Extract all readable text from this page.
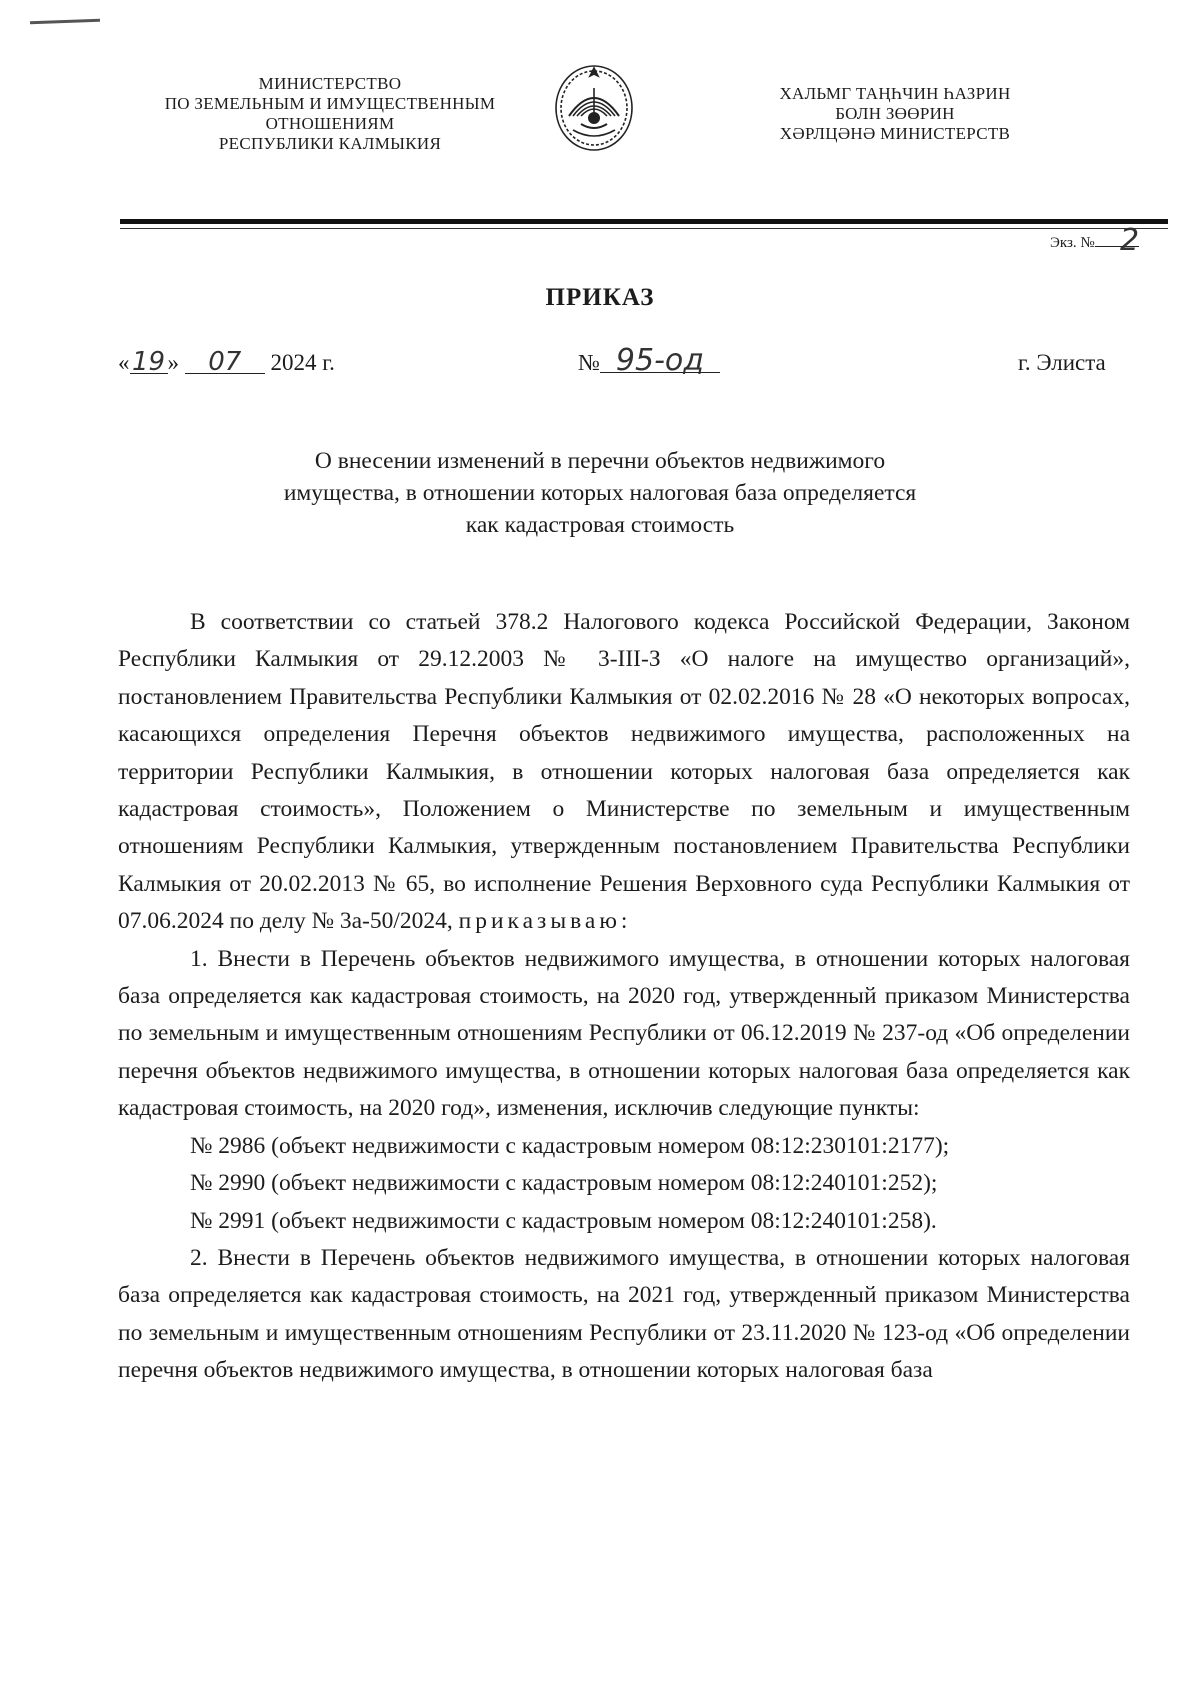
МИНИСТЕРСТВО
ПО ЗЕМЕЛЬНЫМ И ИМУЩЕСТВЕННЫМ
ОТНОШЕНИЯМ
РЕСПУБЛИКИ КАЛМЫКИЯ
ХАЛЬМГ ТАҢҺЧИН ҺАЗРИН
БОЛН ЗӨӨРИН
ХӘРЛЦӘНӘ МИНИСТЕРСТВ
Экз. № 2
ПРИКАЗ
«19 » 07 2024 г.	№ 95-од	г. Элиста
О внесении изменений в перечни объектов недвижимого
имущества, в отношении которых налоговая база определяется
как кадастровая стоимость

В соответствии со статьей 378.2 Налогового кодекса Российской Федерации, Законом Республики Калмыкия от 29.12.2003 № 3-III-З «О налоге на имущество организаций», постановлением Правительства Республики Калмыкия от 02.02.2016 № 28 «О некоторых вопросах, касающихся определения Перечня объектов недвижимого имущества, расположенных на территории Республики Калмыкия, в отношении которых налоговая база определяется как кадастровая стоимость», Положением о Министерстве по земельным и имущественным отношениям Республики Калмыкия, утвержденным постановлением Правительства Республики Калмыкия от 20.02.2013 № 65, во исполнение Решения Верховного суда Республики Калмыкия от 07.06.2024 по делу № 3а-50/2024, приказываю:

1. Внести в Перечень объектов недвижимого имущества, в отношении которых налоговая база определяется как кадастровая стоимость, на 2020 год, утвержденный приказом Министерства по земельным и имущественным отношениям Республики от 06.12.2019 № 237-од «Об определении перечня объектов недвижимого имущества, в отношении которых налоговая база определяется как кадастровая стоимость, на 2020 год», изменения, исключив следующие пункты:

№ 2986 (объект недвижимости с кадастровым номером 08:12:230101:2177);

№ 2990 (объект недвижимости с кадастровым номером 08:12:240101:252);

№ 2991 (объект недвижимости с кадастровым номером 08:12:240101:258).

2. Внести в Перечень объектов недвижимого имущества, в отношении которых налоговая база определяется как кадастровая стоимость, на 2021 год, утвержденный приказом Министерства по земельным и имущественным отношениям Республики от 23.11.2020 № 123-од «Об определении перечня объектов недвижимого имущества, в отношении которых налоговая база
